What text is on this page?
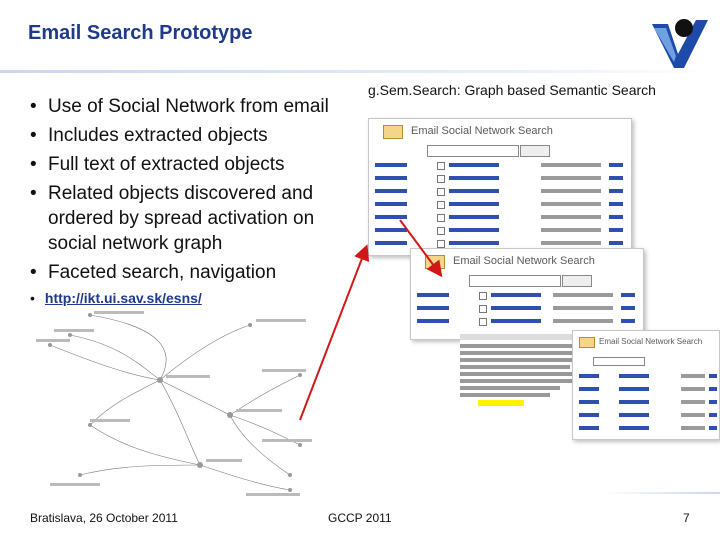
Email Search Prototype
g.Sem.Search: Graph based Semantic Search
• Use of Social Network from email
• Includes extracted objects
• Full text of extracted objects
• Related objects discovered and ordered by spread activation on social network graph
• Faceted search, navigation
• http://ikt.ui.sav.sk/esns/
Email Social Network Search
Email Social Network Search
Email Social Network Search
Bratislava, 26 October 2011	GCCP 2011	7
